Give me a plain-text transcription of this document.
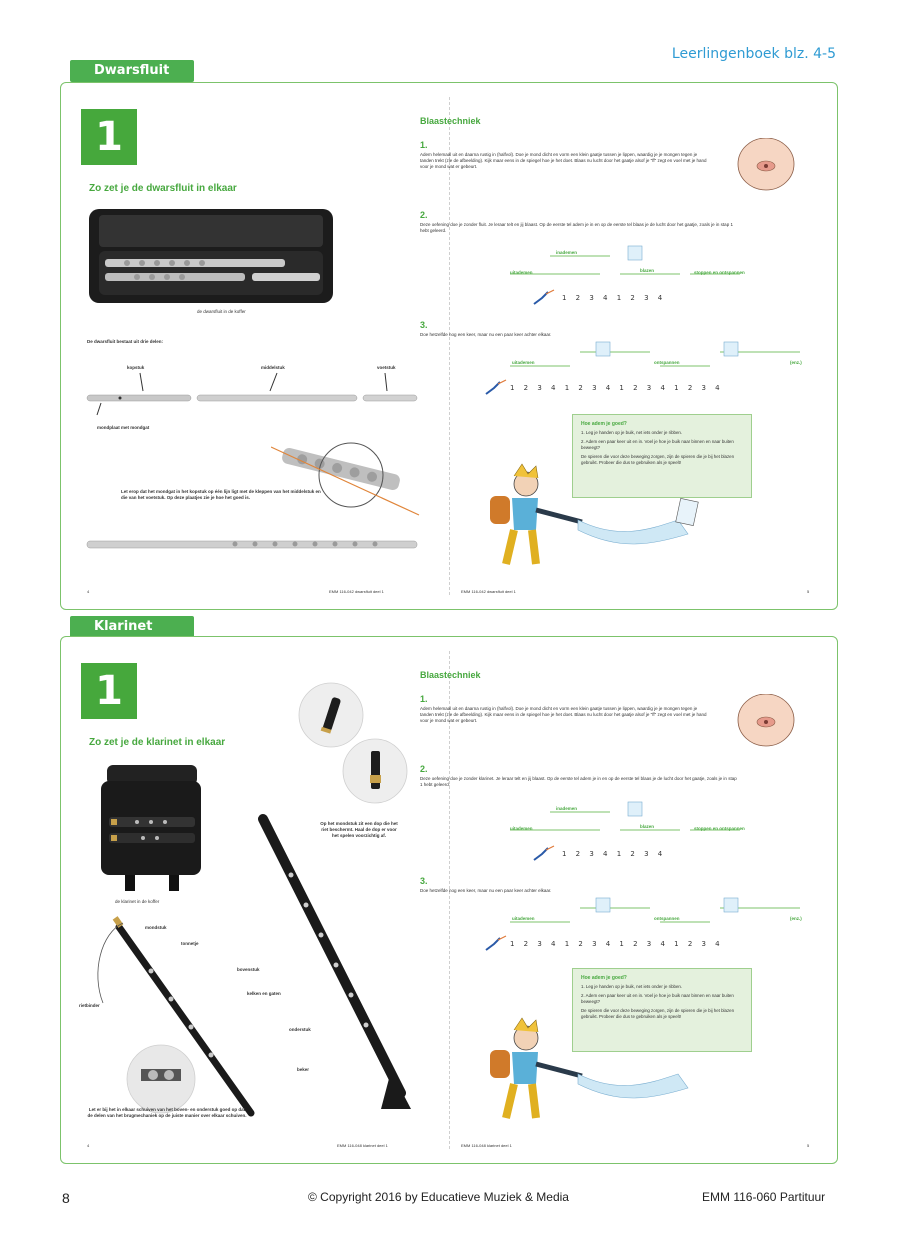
Leerlingenboek blz. 4-5
Dwarsfluit
1
Zo zet je de dwarsfluit in elkaar
de dwarsfluit in de koffer
De dwarsfluit bestaat uit drie delen:
kopstuk	middelstuk	voetstuk
mondplaat met mondgat
Let erop dat het mondgat in het kopstuk op één lijn ligt met de kleppen van het middelstuk en die van het voetstuk. Op deze plaatjes zie je hoe het goed is.
4	EMM 116-042 dwarsfluit deel 1	EMM 116-042 dwarsfluit deel 1	5
Blaastechniek
1.
Adem helemaal uit en daarna rustig in (halfvol). Doe je mond dicht en vorm een klein gaatje tussen je lippen, waardig je je mongen tegen je tanden trekt (zie de afbeelding). Kijk maar eens in de spiegel hoe je het doet. Blaas nu lucht door het gaatje alsof je "ff" zegt en voel met je hand voor je mond wat er gebeurt.
2.
Deze oefening doe je zonder fluit. Je leraar telt en jij blaast. Op de eerste tel adem je in en op de eerste tel blaas je de lucht door het gaatje, zoals je in stap 1 hebt geleerd.
inademen
uitademen	blazen	stoppen en ontspannen
1 2 3 4 1 2 3 4
3.
Doe hetzelfde nog een keer, maar nu een paar keer achter elkaar.
uitademen	ontspannen	(enz.)
1 2 3 4 1 2 3 4 1 2 3 4 1 2 3 4
Hoe adem je goed?
1. Leg je handen op je buik, net iets onder je ribben.
2. Adem een paar keer uit en in. Voel je hoe je buik naar binnen en naar buiten beweegt?
De spieren die voor deze beweging zorgen, zijn de spieren die je bij het blazen gebruikt. Probeer die dus te gebruiken als je speelt!
Klarinet
1
Zo zet je de klarinet in elkaar
de klarinet in de koffer
Op het mondstuk zit een dop die het riet beschermt. Haal de dop er voor het spelen voorzichtig af.
mondstuk
tonnetje
bovenstuk
kelken en gaten
onderstuk
beker
rietbinder
Let er bij het in elkaar schuiven van het boven- en onderstuk goed op dat de delen van het brugmechaniek op de juiste manier over elkaar schuiven.
4	EMM 116-048 klarinet deel 1	EMM 116-048 klarinet deel 1	5
Blaastechniek
1.
Adem helemaal uit en daarna rustig in (halfvol). Doe je mond dicht en vorm een klein gaatje tussen je lippen, waardig je je mongen tegen je tanden trekt (zie de afbeelding). Kijk maar eens in de spiegel hoe je het doet. Blaas nu lucht door het gaatje alsof je "ff" zegt en voel met je hand voor je mond wat er gebeurt.
2.
Deze oefening doe je zonder klarinet. Je leraar telt en jij blaast. Op de eerste tel adem je in en op de eerste tel blaas je de lucht door het gaatje, zoals je in stap 1 hebt geleerd.
inademen
uitademen	blazen	stoppen en ontspannen
1 2 3 4 1 2 3 4
3.
Doe hetzelfde nog een keer, maar nu een paar keer achter elkaar.
uitademen	ontspannen	(enz.)
1 2 3 4 1 2 3 4 1 2 3 4 1 2 3 4
Hoe adem je goed?
1. Leg je handen op je buik, net iets onder je ribben.
2. Adem een paar keer uit en in. Voel je hoe je buik naar binnen en naar buiten beweegt?
De spieren die voor deze beweging zorgen, zijn de spieren die je bij het blazen gebruikt. Probeer die dus te gebruiken als je speelt!
8	© Copyright 2016 by Educatieve Muziek & Media	EMM 116-060 Partituur
